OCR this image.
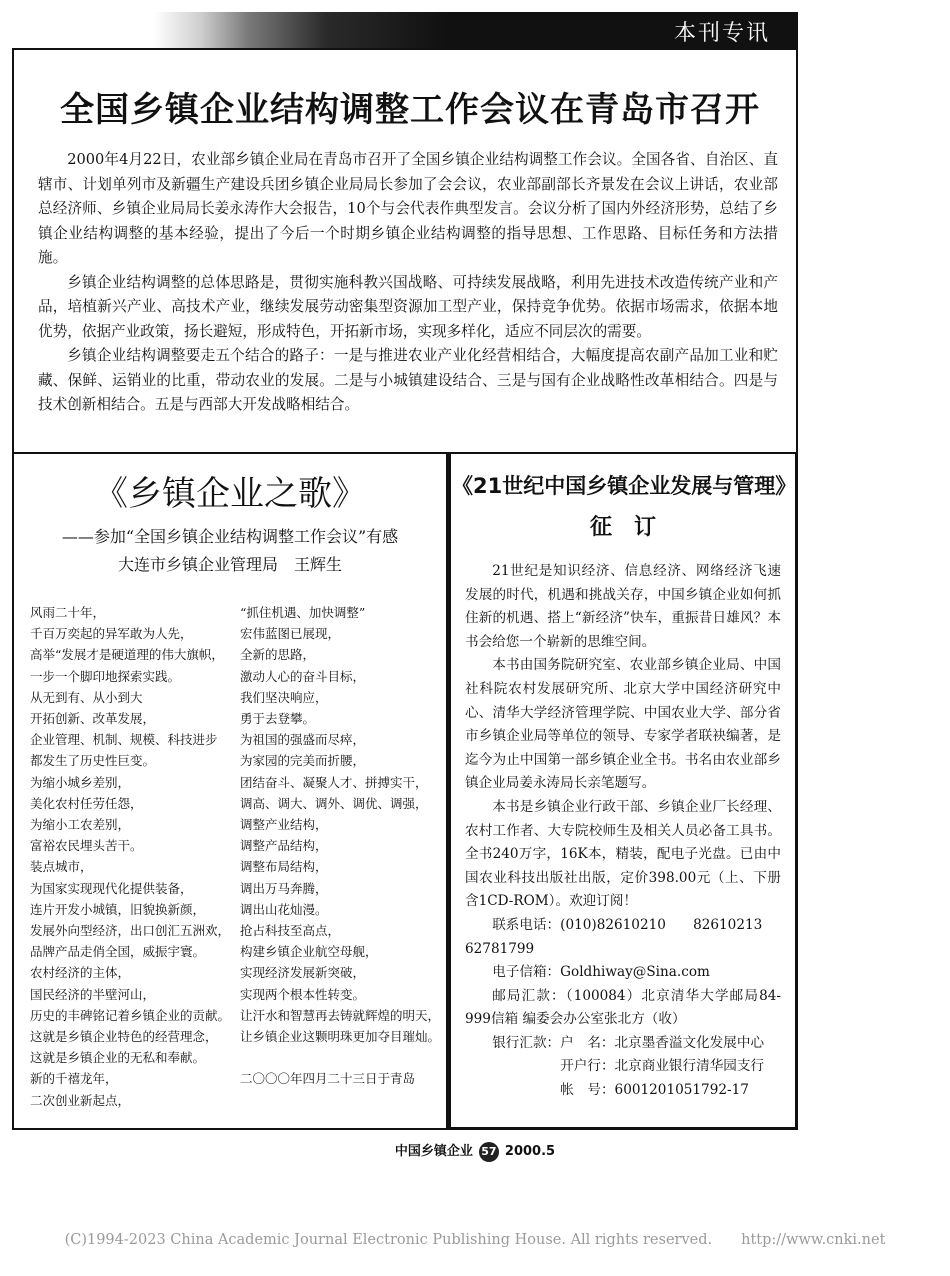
本刊专讯
全国乡镇企业结构调整工作会议在青岛市召开

2000年4月22日，农业部乡镇企业局在青岛市召开了全国乡镇企业结构调整工作会议。全国各省、自治区、直辖市、计划单列市及新疆生产建设兵团乡镇企业局局长参加了会会议，农业部副部长齐景发在会议上讲话，农业部总经济师、乡镇企业局局长姜永涛作大会报告，10个与会代表作典型发言。会议分析了国内外经济形势，总结了乡镇企业结构调整的基本经验，提出了今后一个时期乡镇企业结构调整的指导思想、工作思路、目标任务和方法措施。

乡镇企业结构调整的总体思路是，贯彻实施科教兴国战略、可持续发展战略，利用先进技术改造传统产业和产品，培植新兴产业、高技术产业，继续发展劳动密集型资源加工型产业，保持竞争优势。依据市场需求，依据本地优势，依据产业政策，扬长避短，形成特色，开拓新市场，实现多样化，适应不同层次的需要。

乡镇企业结构调整要走五个结合的路子：一是与推进农业产业化经营相结合，大幅度提高农副产品加工业和贮藏、保鲜、运销业的比重，带动农业的发展。二是与小城镇建设结合、三是与国有企业战略性改革相结合。四是与技术创新相结合。五是与西部大开发战略相结合。

《乡镇企业之歌》
——参加“全国乡镇企业结构调整工作会议”有感
大连市乡镇企业管理局　王辉生
风雨二十年，
千百万奕起的异军敢为人先，
高举“发展才是硬道理的伟大旗帜，
一步一个脚印地探索实践。
从无到有、从小到大
开拓创新、改革发展，
企业管理、机制、规模、科技进步
都发生了历史性巨变。
为缩小城乡差别，
美化农村任劳任怨，
为缩小工农差别，
富裕农民埋头苦干。
装点城市，
为国家实现现代化提供装备，
连片开发小城镇，旧貌换新颜，
发展外向型经济，出口创汇五洲欢，
品牌产品走俏全国，威振宇寰。
农村经济的主体，
国民经济的半壁河山，
历史的丰碑铭记着乡镇企业的贡献。
这就是乡镇企业特色的经营理念，
这就是乡镇企业的无私和奉献。
新的千禧龙年，
二次创业新起点，
“抓住机遇、加快调整”
宏伟蓝图已展现，
全新的思路，
激动人心的奋斗目标，
我们坚决响应，
勇于去登攀。
为祖国的强盛而尽瘁，
为家园的完美而折腰，
团结奋斗、凝聚人才、拼搏实干，
调高、调大、调外、调优、调强，
调整产业结构，
调整产品结构，
调整布局结构，
调出万马奔腾，
调出山花灿漫。
抢占科技至高点，
构建乡镇企业航空母舰，
实现经济发展新突破，
实现两个根本性转变。
让汗水和智慧再去铸就辉煌的明天，
让乡镇企业这颗明珠更加夺目璀灿。

二〇〇〇年四月二十三日于青岛
《21世纪中国乡镇企业发展与管理》
征订

21世纪是知识经济、信息经济、网络经济飞速发展的时代，机遇和挑战关存，中国乡镇企业如何抓住新的机遇、搭上“新经济”快车，重振昔日雄风？本书会给您一个崭新的思维空间。

本书由国务院研究室、农业部乡镇企业局、中国社科院农村发展研究所、北京大学中国经济研究中心、清华大学经济管理学院、中国农业大学、部分省市乡镇企业局等单位的领导、专家学者联袂编著，是迄今为止中国第一部乡镇企业全书。书名由农业部乡镇企业局姜永涛局长亲笔题写。

本书是乡镇企业行政干部、乡镇企业厂长经理、农村工作者、大专院校师生及相关人员必备工具书。全书240万字，16K本，精装，配电子光盘。已由中国农业科技出版社出版，定价398.00元（上、下册含1CD-ROM）。欢迎订阅！

联系电话：(010)82610210　　82610213

62781799

电子信箱：Goldhiway@Sina.com

邮局汇款：（100084）北京清华大学邮局84-999信箱 编委会办公室张北方（收）

银行汇款：户　名：北京墨香溢文化发展中心
开户行：北京商业银行清华园支行
帐　号：6001201051792-17
中国乡镇企业 57 2000.5
(C)1994-2023 China Academic Journal Electronic Publishing House. All rights reserved.　　http://www.cnki.net
